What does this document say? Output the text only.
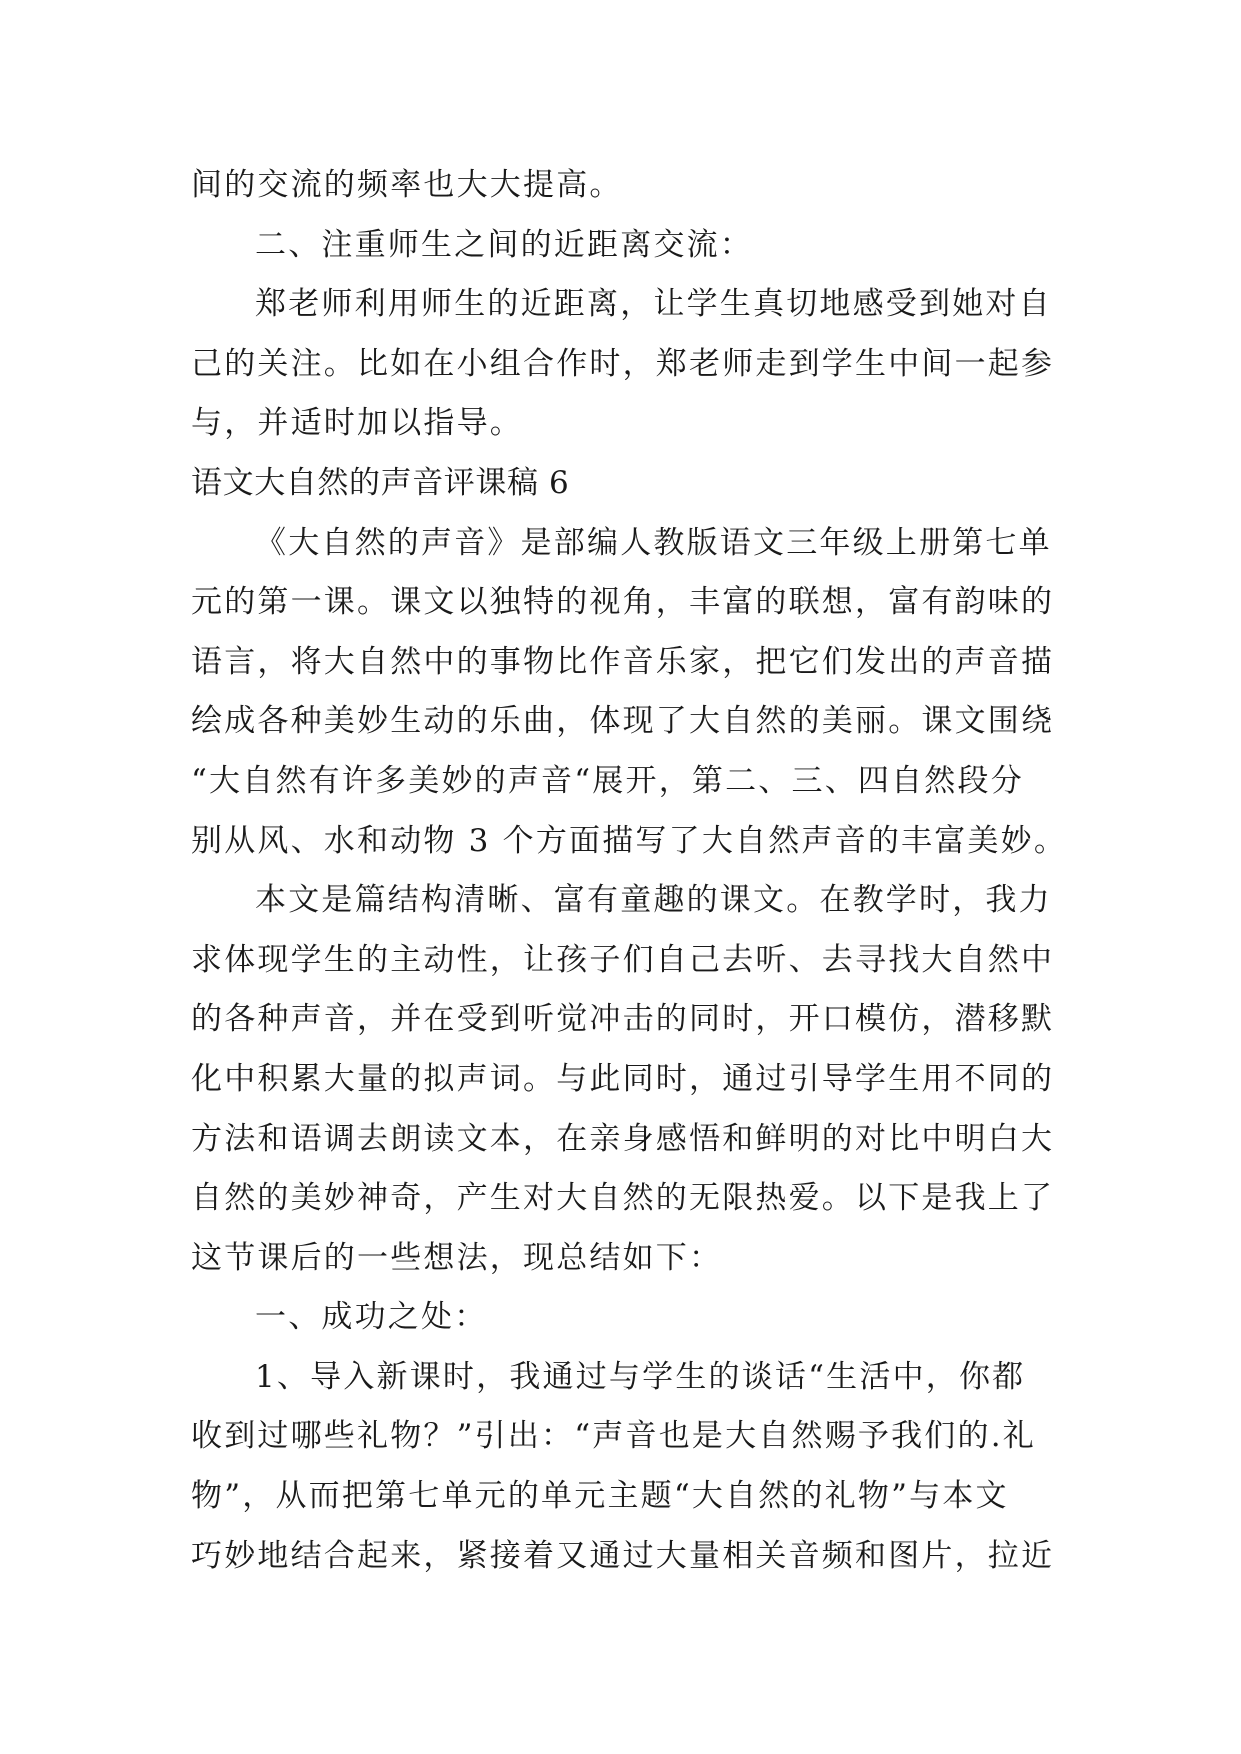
间的交流的频率也大大提高。
二、注重师生之间的近距离交流：
郑老师利用师生的近距离，让学生真切地感受到她对自
己的关注。比如在小组合作时，郑老师走到学生中间一起参
与，并适时加以指导。
语文大自然的声音评课稿 6
《大自然的声音》是部编人教版语文三年级上册第七单
元的第一课。课文以独特的视角，丰富的联想，富有韵味的
语言，将大自然中的事物比作音乐家，把它们发出的声音描
绘成各种美妙生动的乐曲，体现了大自然的美丽。课文围绕
“大自然有许多美妙的声音“展开，第二、三、四自然段分
别从风、水和动物 3 个方面描写了大自然声音的丰富美妙。
本文是篇结构清晰、富有童趣的课文。在教学时，我力
求体现学生的主动性，让孩子们自己去听、去寻找大自然中
的各种声音，并在受到听觉冲击的同时，开口模仿，潜移默
化中积累大量的拟声词。与此同时，通过引导学生用不同的
方法和语调去朗读文本，在亲身感悟和鲜明的对比中明白大
自然的美妙神奇，产生对大自然的无限热爱。以下是我上了
这节课后的一些想法，现总结如下：
一、成功之处：
1、导入新课时，我通过与学生的谈话“生活中，你都
收到过哪些礼物？”引出：“声音也是大自然赐予我们的.礼
物”，从而把第七单元的单元主题“大自然的礼物”与本文
巧妙地结合起来，紧接着又通过大量相关音频和图片，拉近
